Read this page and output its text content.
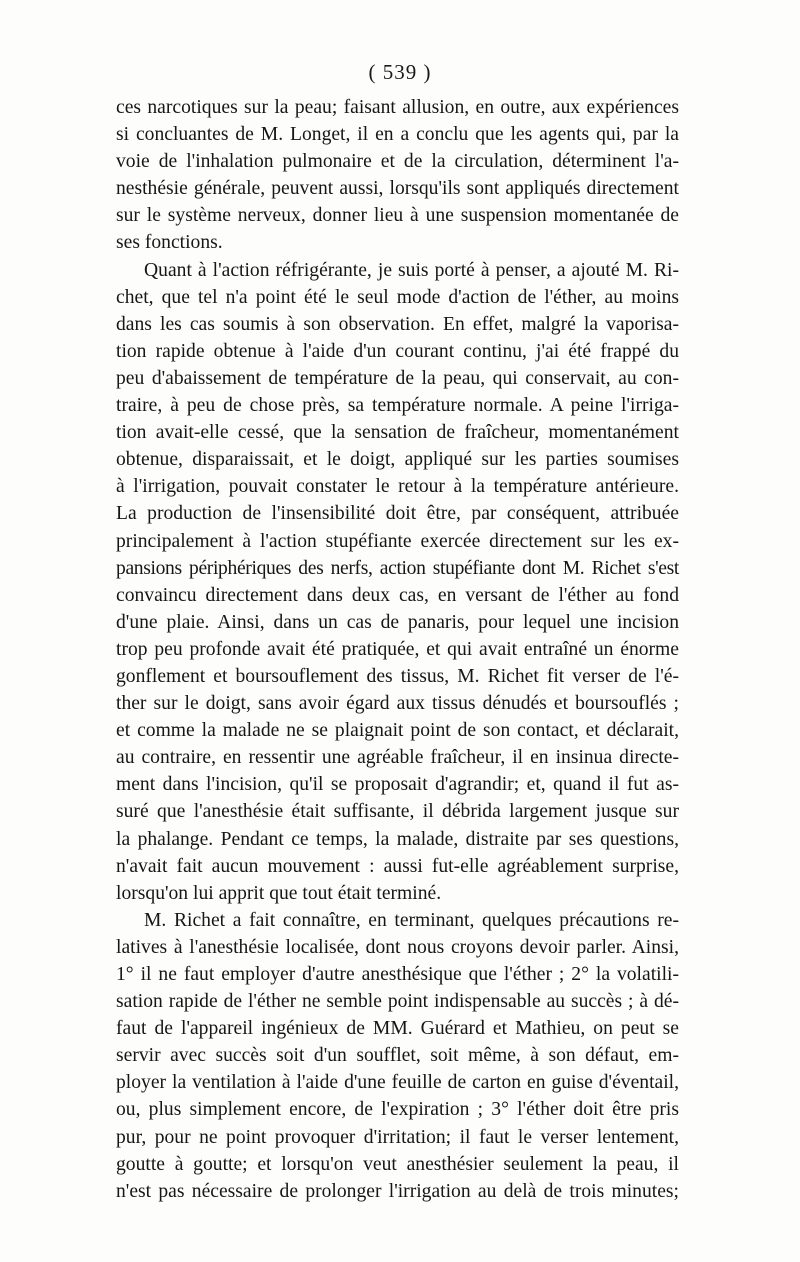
( 539 )
ces narcotiques sur la peau; faisant allusion, en outre, aux expériences
si concluantes de M. Longet, il en a conclu que les agents qui, par la
voie de l'inhalation pulmonaire et de la circulation, déterminent l'a-
nesthésie générale, peuvent aussi, lorsqu'ils sont appliqués directement
sur le système nerveux, donner lieu à une suspension momentanée de
ses fonctions.
Quant à l'action réfrigérante, je suis porté à penser, a ajouté M. Ri-
chet, que tel n'a point été le seul mode d'action de l'éther, au moins
dans les cas soumis à son observation. En effet, malgré la vaporisa-
tion rapide obtenue à l'aide d'un courant continu, j'ai été frappé du
peu d'abaissement de température de la peau, qui conservait, au con-
traire, à peu de chose près, sa température normale. A peine l'irriga-
tion avait-elle cessé, que la sensation de fraîcheur, momentanément
obtenue, disparaissait, et le doigt, appliqué sur les parties soumises
à l'irrigation, pouvait constater le retour à la température antérieure.
La production de l'insensibilité doit être, par conséquent, attribuée
principalement à l'action stupéfiante exercée directement sur les ex-
pansions périphériques des nerfs, action stupéfiante dont M. Richet s'est
convaincu directement dans deux cas, en versant de l'éther au fond
d'une plaie. Ainsi, dans un cas de panaris, pour lequel une incision
trop peu profonde avait été pratiquée, et qui avait entraîné un énorme
gonflement et boursouflement des tissus, M. Richet fit verser de l'é-
ther sur le doigt, sans avoir égard aux tissus dénudés et boursouflés ;
et comme la malade ne se plaignait point de son contact, et déclarait,
au contraire, en ressentir une agréable fraîcheur, il en insinua directe-
ment dans l'incision, qu'il se proposait d'agrandir; et, quand il fut as-
suré que l'anesthésie était suffisante, il débrida largement jusque sur
la phalange. Pendant ce temps, la malade, distraite par ses questions,
n'avait fait aucun mouvement : aussi fut-elle agréablement surprise,
lorsqu'on lui apprit que tout était terminé.
M. Richet a fait connaître, en terminant, quelques précautions re-
latives à l'anesthésie localisée, dont nous croyons devoir parler. Ainsi,
1° il ne faut employer d'autre anesthésique que l'éther ; 2° la volatili-
sation rapide de l'éther ne semble point indispensable au succès ; à dé-
faut de l'appareil ingénieux de MM. Guérard et Mathieu, on peut se
servir avec succès soit d'un soufflet, soit même, à son défaut, em-
ployer la ventilation à l'aide d'une feuille de carton en guise d'éventail,
ou, plus simplement encore, de l'expiration ; 3° l'éther doit être pris
pur, pour ne point provoquer d'irritation; il faut le verser lentement,
goutte à goutte; et lorsqu'on veut anesthésier seulement la peau, il
n'est pas nécessaire de prolonger l'irrigation au delà de trois minutes;
